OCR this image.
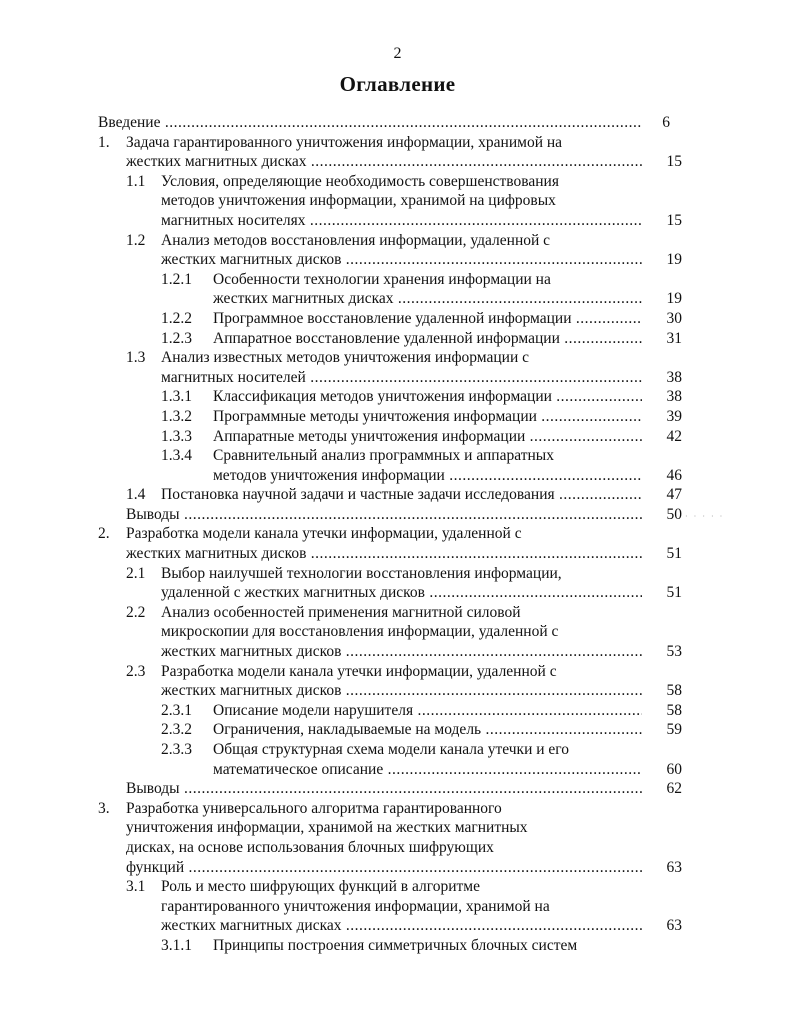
2
Оглавление
Введение .....	6
1. Задача гарантированного уничтожения информации, хранимой на
жестких магнитных дисках .....	15
1.1 Условия, определяющие необходимость совершенствования
методов уничтожения информации, хранимой на цифровых
магнитных носителях .....	15
1.2 Анализ методов восстановления информации, удаленной с
жестких магнитных дисков .....	19
1.2.1 Особенности технологии хранения информации на
жестких магнитных дисках .....	19
1.2.2 Программное восстановление удаленной информации .....	30
1.2.3 Аппаратное восстановление удаленной информации .....	31
1.3 Анализ известных методов уничтожения информации с
магнитных носителей .....	38
1.3.1 Классификация методов уничтожения информации .....	38
1.3.2 Программные методы уничтожения информации .....	39
1.3.3 Аппаратные методы уничтожения информации .....	42
1.3.4 Сравнительный анализ программных и аппаратных
методов уничтожения информации .....	46
1.4 Постановка научной задачи и частные задачи исследования .....	47
Выводы .....	50
2. Разработка модели канала утечки информации, удаленной с
жестких магнитных дисков .....	51
2.1 Выбор наилучшей технологии восстановления информации,
удаленной с жестких магнитных дисков .....	51
2.2 Анализ особенностей применения магнитной силовой
микроскопии для восстановления информации, удаленной с
жестких магнитных дисков .....	53
2.3 Разработка модели канала утечки информации, удаленной с
жестких магнитных дисков .....	58
2.3.1 Описание модели нарушителя .....	58
2.3.2 Ограничения, накладываемые на модель .....	59
2.3.3 Общая структурная схема модели канала утечки и его
математическое описание .....	60
Выводы .....	62
3. Разработка универсального алгоритма гарантированного
уничтожения информации, хранимой на жестких магнитных
дисках, на основе использования блочных шифрующих
функций .....	63
3.1 Роль и место шифрующих функций в алгоритме
гарантированного уничтожения информации, хранимой на
жестких магнитных дисках .....	63
3.1.1 Принципы построения симметричных блочных систем
· · · · ·
